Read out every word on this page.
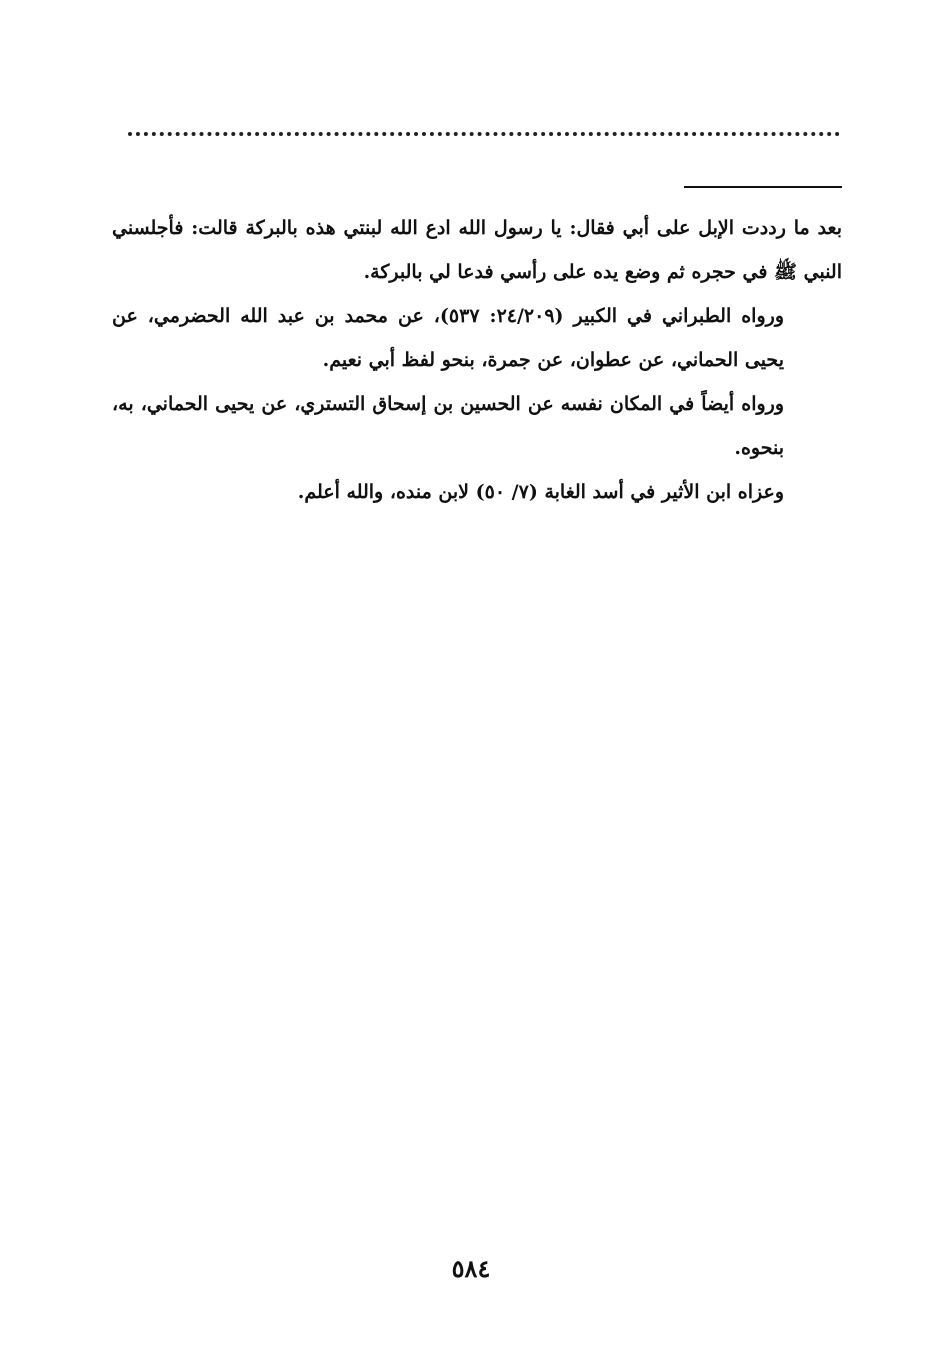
بعد ما رددت الإبل على أبي فقال: يا رسول الله ادع الله لبنتي هذه بالبركة قالت: فأجلسني النبي ﷺ في حجره ثم وضع يده على رأسي فدعا لي بالبركة.

ورواه الطبراني في الكبير (٢٤/٢٠٩: ٥٣٧)، عن محمد بن عبد الله الحضرمي، عن يحيى الحماني، عن عطوان، عن جمرة، بنحو لفظ أبي نعيم.

ورواه أيضاً في المكان نفسه عن الحسين بن إسحاق التستري، عن يحيى الحماني، به، بنحوه.

وعزاه ابن الأثير في أسد الغابة (٧/ ٥٠) لابن منده، والله أعلم.

٥٨٤
